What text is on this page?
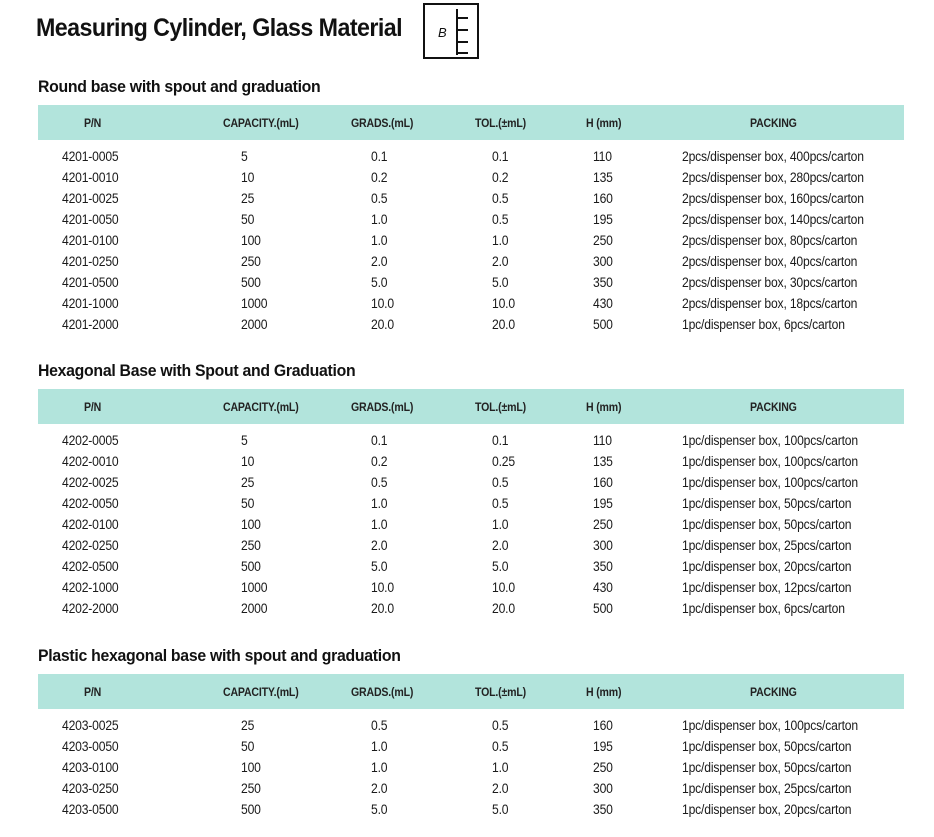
Measuring Cylinder, Glass Material	B
Round base with spout and graduation
P/N	CAPACITY.(mL)	GRADS.(mL)	TOL.(±mL)	H (mm)	PACKING
4201-0005	5	0.1	0.1	110	2pcs/dispenser box, 400pcs/carton
4201-0010	10	0.2	0.2	135	2pcs/dispenser box, 280pcs/carton
4201-0025	25	0.5	0.5	160	2pcs/dispenser box, 160pcs/carton
4201-0050	50	1.0	0.5	195	2pcs/dispenser box, 140pcs/carton
4201-0100	100	1.0	1.0	250	2pcs/dispenser box, 80pcs/carton
4201-0250	250	2.0	2.0	300	2pcs/dispenser box, 40pcs/carton
4201-0500	500	5.0	5.0	350	2pcs/dispenser box, 30pcs/carton
4201-1000	1000	10.0	10.0	430	2pcs/dispenser box, 18pcs/carton
4201-2000	2000	20.0	20.0	500	1pc/dispenser box, 6pcs/carton
Hexagonal Base with Spout and Graduation
P/N	CAPACITY.(mL)	GRADS.(mL)	TOL.(±mL)	H (mm)	PACKING
4202-0005	5	0.1	0.1	110	1pc/dispenser box, 100pcs/carton
4202-0010	10	0.2	0.25	135	1pc/dispenser box, 100pcs/carton
4202-0025	25	0.5	0.5	160	1pc/dispenser box, 100pcs/carton
4202-0050	50	1.0	0.5	195	1pc/dispenser box, 50pcs/carton
4202-0100	100	1.0	1.0	250	1pc/dispenser box, 50pcs/carton
4202-0250	250	2.0	2.0	300	1pc/dispenser box, 25pcs/carton
4202-0500	500	5.0	5.0	350	1pc/dispenser box, 20pcs/carton
4202-1000	1000	10.0	10.0	430	1pc/dispenser box, 12pcs/carton
4202-2000	2000	20.0	20.0	500	1pc/dispenser box, 6pcs/carton
Plastic hexagonal base with spout and graduation
P/N	CAPACITY.(mL)	GRADS.(mL)	TOL.(±mL)	H (mm)	PACKING
4203-0025	25	0.5	0.5	160	1pc/dispenser box, 100pcs/carton
4203-0050	50	1.0	0.5	195	1pc/dispenser box, 50pcs/carton
4203-0100	100	1.0	1.0	250	1pc/dispenser box, 50pcs/carton
4203-0250	250	2.0	2.0	300	1pc/dispenser box, 25pcs/carton
4203-0500	500	5.0	5.0	350	1pc/dispenser box, 20pcs/carton
